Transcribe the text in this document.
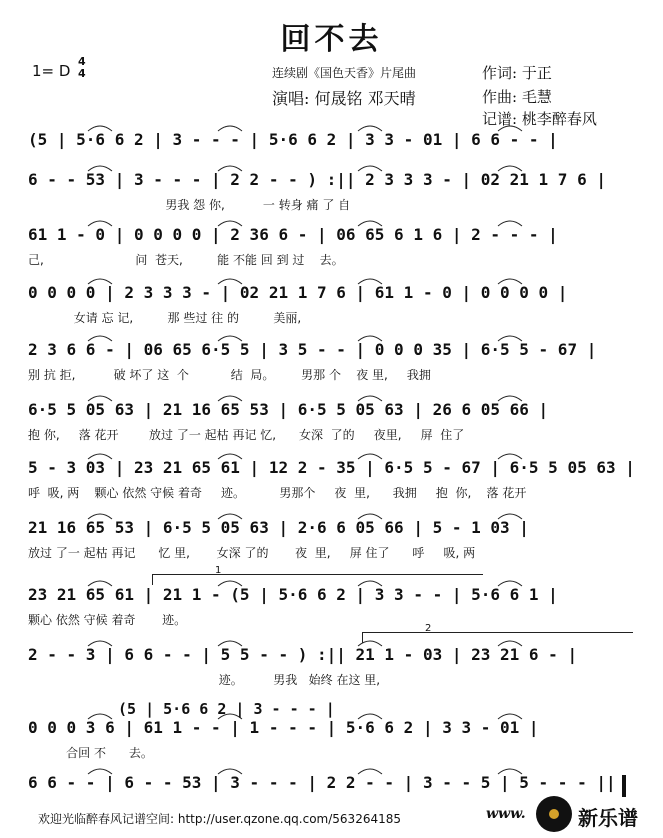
回不去
1= D
4
4	连续剧《国色天香》片尾曲
演唱: 何晟铭 邓天晴
作词: 于正
作曲: 毛慧
记谱: 桃李醉春风
(5 | 5·6 6 2 | 3 - - - | 5·6 6 2 | 3 3 - 01 | 6 6 - - |
6 - - 53 | 3 - - - | 2 2 - - ) :|| 2 3 3 3 - | 02 21 1 7 6 |
男我 怨 你,          一 转身 痛 了 自
61 1 - 0 | 0 0 0 0 | 2 36 6 - | 06 65 6 1 6 | 2 - - - |
己,                        问  苍天,         能 不能 回 到 过    去。
0 0 0 0 | 2 3 3 3 - | 02 21 1 7 6 | 61 1 - 0 | 0 0 0 0 |
女请 忘 记,         那 些过 往 的         美丽,
2 3 6 6 - | 06 65 6·5 5 | 3 5 - - | 0 0 0 35 | 6·5 5 - 67 |
别 抗 拒,          破 坏了 这  个           结  局。       男那 个    夜 里,     我拥
6·5 5 05 63 | 21 16 65 53 | 6·5 5 05 63 | 26 6 05 66 |
抱 你,     落 花开        放过 了一 起枯 再记 忆,      女深  了的     夜里,     屏  住了
5 - 3 03 | 23 21 65 61 | 12 2 - 35 | 6·5 5 - 67 | 6·5 5 05 63 |
呼  吸, 两    颗心 依然 守候 着奇     迹。         男那个     夜  里,      我拥     抱  你,    落 花开
21 16 65 53 | 6·5 5 05 63 | 2·6 6 05 66 | 5 - 1 03 |
放过 了一 起枯 再记      忆 里,       女深 了的       夜  里,     屏 住了      呼     吸, 两
23 21 65 61 | 21 1 - (5 | 5·6 6 2 | 3 3 - - | 5·6 6 1 |
颗心 依然 守候 着奇       迹。
2 - - 3 | 6 6 - - | 5 5 - - ) :|| 21 1 - 03 | 23 21 6 - |
迹。        男我   始终 在这 里,
0 0 0 3 6 | 61 1 - - | 1 - - - | 5·6 6 2 | 3 3 - 01 |
合回 不      去。
6 6 - - | 6 - - 53 | 3 - - - | 2 2 - - | 3 - - 5 | 5 - - - ||
(5 | 5·6 6 2 | 3 - - - |
1
2
欢迎光临醉春风记谱空间: http://user.qzone.qq.com/563264185	www.	新乐谱
